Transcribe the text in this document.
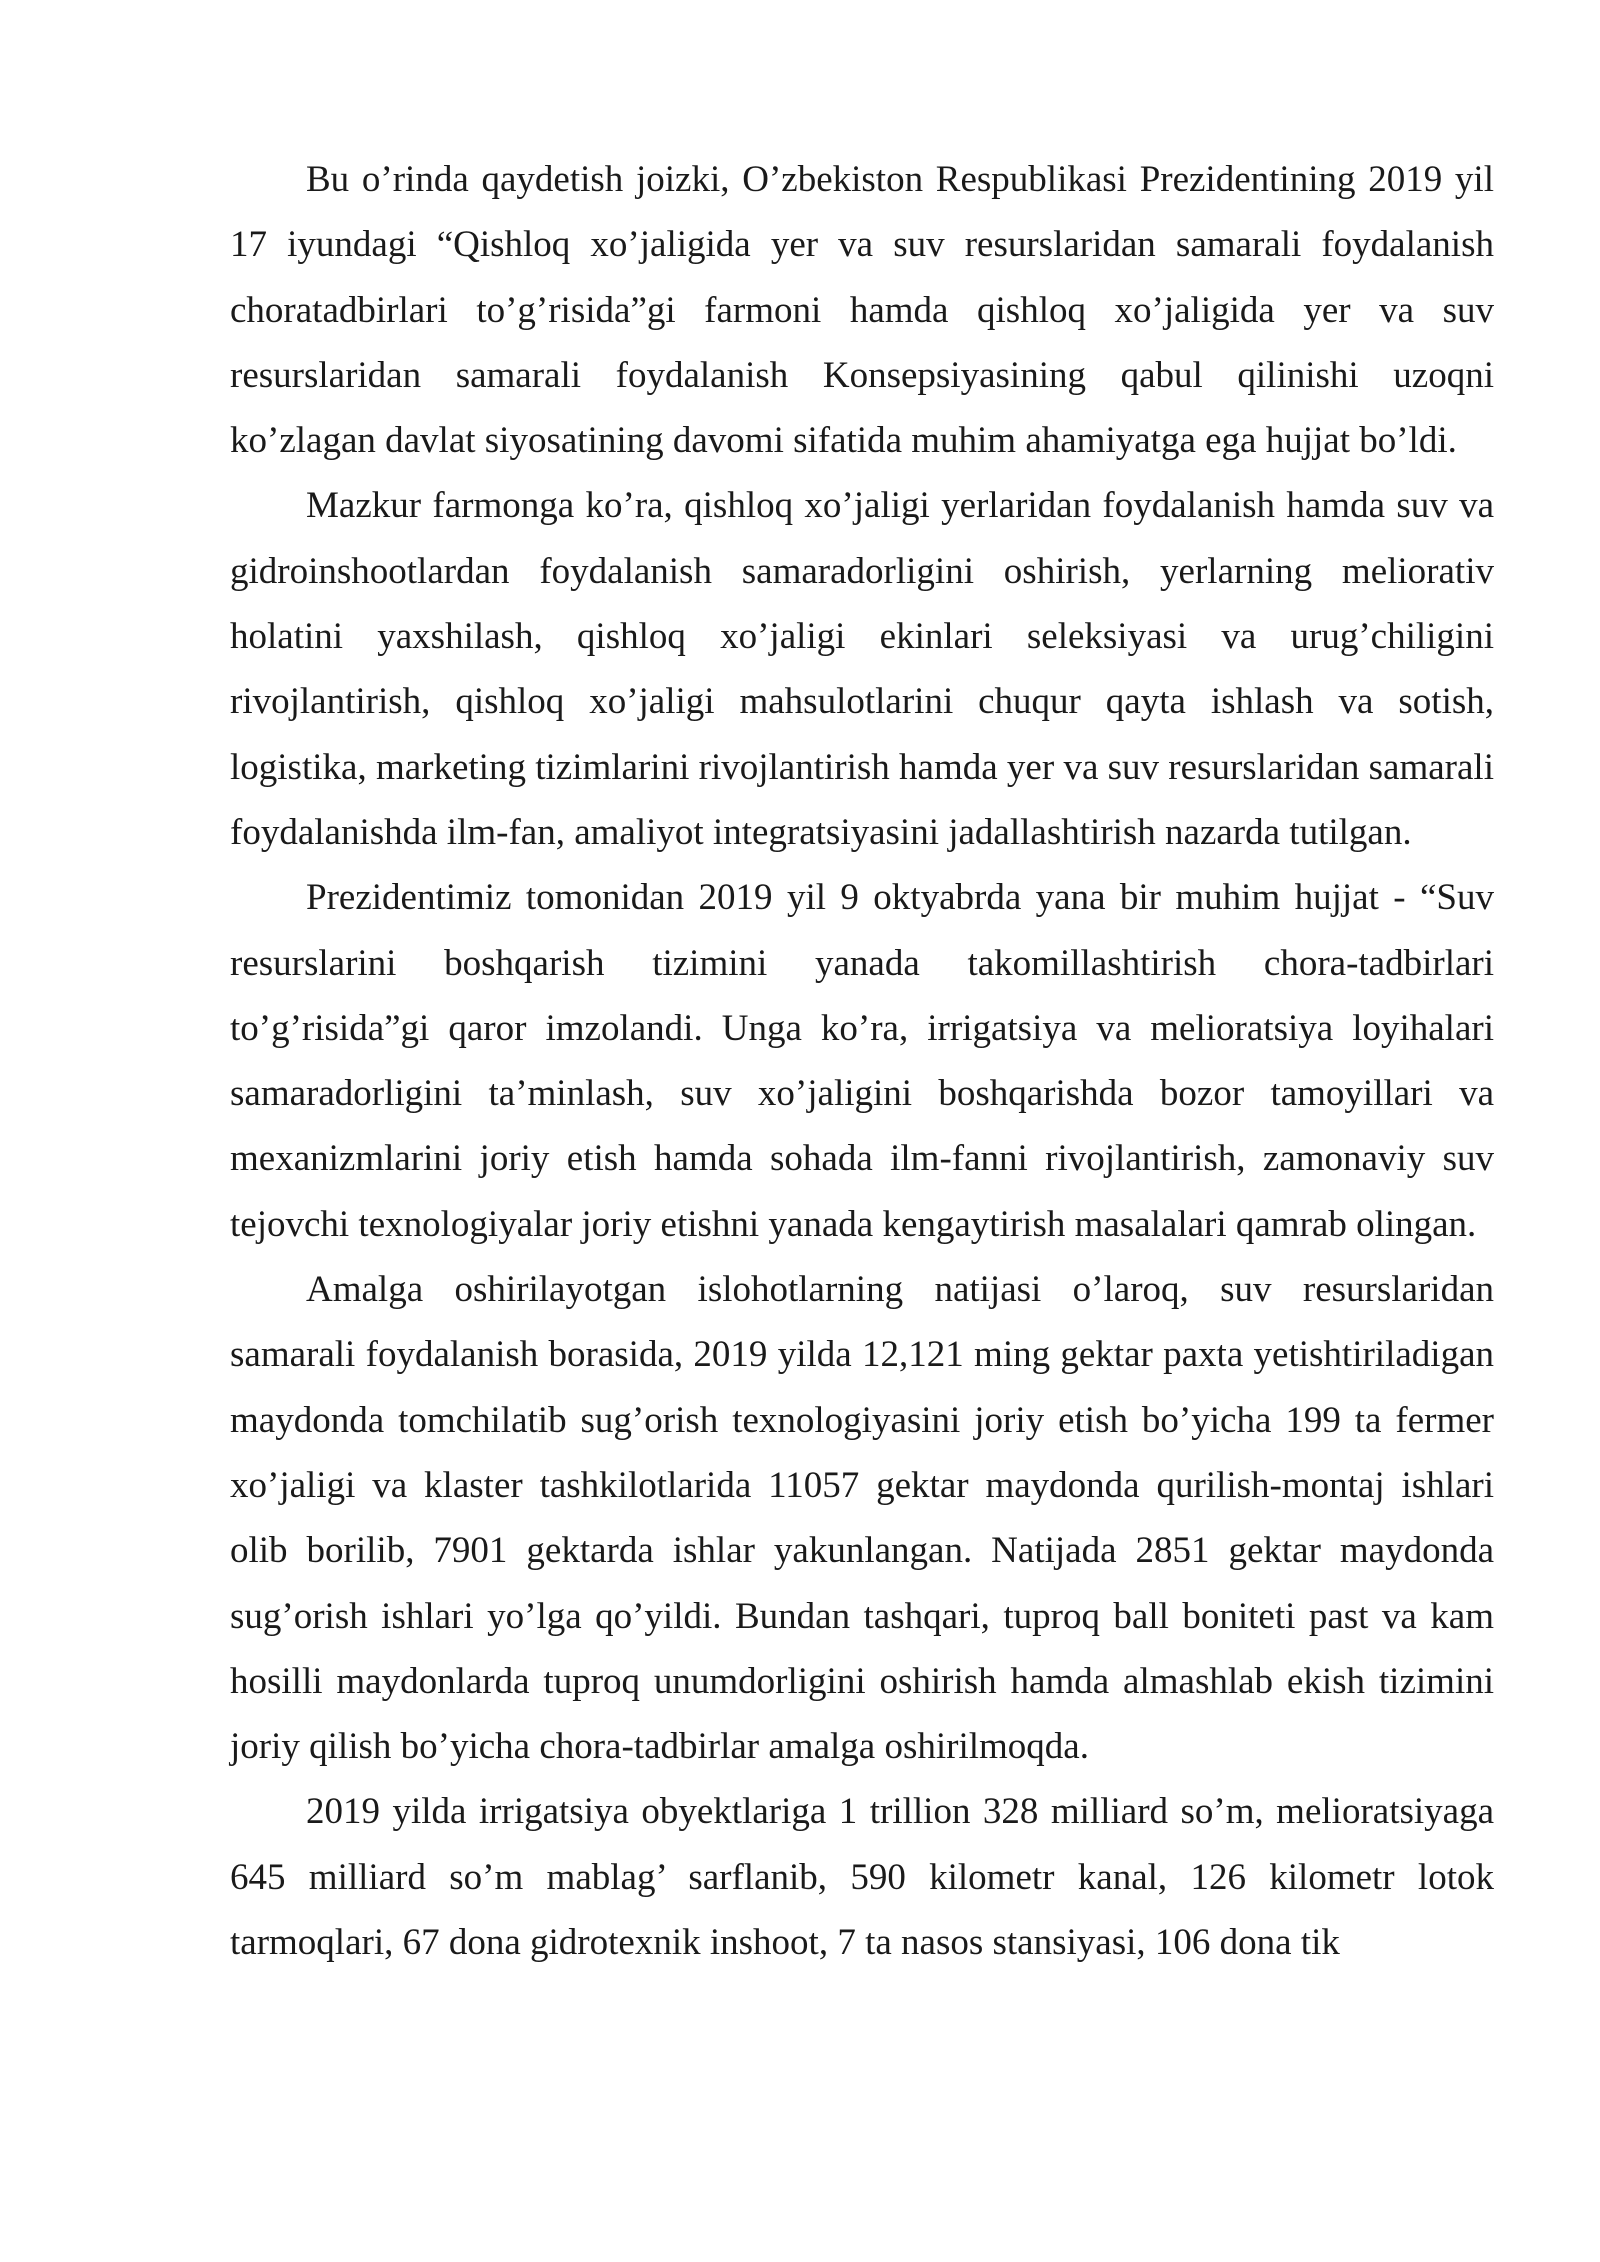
Bu o’rinda qaydetish joizki, O’zbekiston Respublikasi Prezidentining 2019 yil 17 iyundagi “Qishloq xo’jaligida yer va suv resurslaridan samarali foydalanish choratadbirlari to’g’risida”gi farmoni hamda qishloq xo’jaligida yer va suv resurslaridan samarali foydalanish Konsepsiyasining qabul qilinishi uzoqni ko’zlagan davlat siyosatining davomi sifatida muhim ahamiyatga ega hujjat bo’ldi.

Mazkur farmonga ko’ra, qishloq xo’jaligi yerlaridan foydalanish hamda suv va gidroinshootlardan foydalanish samaradorligini oshirish, yerlarning meliorativ holatini yaxshilash, qishloq xo’jaligi ekinlari seleksiyasi va urug’chiligini rivojlantirish, qishloq xo’jaligi mahsulotlarini chuqur qayta ishlash va sotish, logistika, marketing tizimlarini rivojlantirish hamda yer va suv resurslaridan samarali foydalanishda ilm-fan, amaliyot integratsiyasini jadallashtirish nazarda tutilgan.

Prezidentimiz tomonidan 2019 yil 9 oktyabrda yana bir muhim hujjat - “Suv resurslarini boshqarish tizimini yanada takomillashtirish chora-tadbirlari to’g’risida”gi qaror imzolandi. Unga ko’ra, irrigatsiya va melioratsiya loyihalari samaradorligini ta’minlash, suv xo’jaligini boshqarishda bozor tamoyillari va mexanizmlarini joriy etish hamda sohada ilm-fanni rivojlantirish, zamonaviy suv tejovchi texnologiyalar joriy etishni yanada kengaytirish masalalari qamrab olingan.

Amalga oshirilayotgan islohotlarning natijasi o’laroq, suv resurslaridan samarali foydalanish borasida, 2019 yilda 12,121 ming gektar paxta yetishtiriladigan maydonda tomchilatib sug’orish texnologiyasini joriy etish bo’yicha 199 ta fermer xo’jaligi va klaster tashkilotlarida 11057 gektar maydonda qurilish-montaj ishlari olib borilib, 7901 gektarda ishlar yakunlangan. Natijada 2851 gektar maydonda sug’orish ishlari yo’lga qo’yildi. Bundan tashqari, tuproq ball boniteti past va kam hosilli maydonlarda tuproq unumdorligini oshirish hamda almashlab ekish tizimini joriy qilish bo’yicha chora-tadbirlar amalga oshirilmoqda.

2019 yilda irrigatsiya obyektlariga 1 trillion 328 milliard so’m, melioratsiyaga 645 milliard so’m mablag’ sarflanib, 590 kilometr kanal, 126 kilometr lotok tarmoqlari, 67 dona gidrotexnik inshoot, 7 ta nasos stansiyasi, 106 dona tik
